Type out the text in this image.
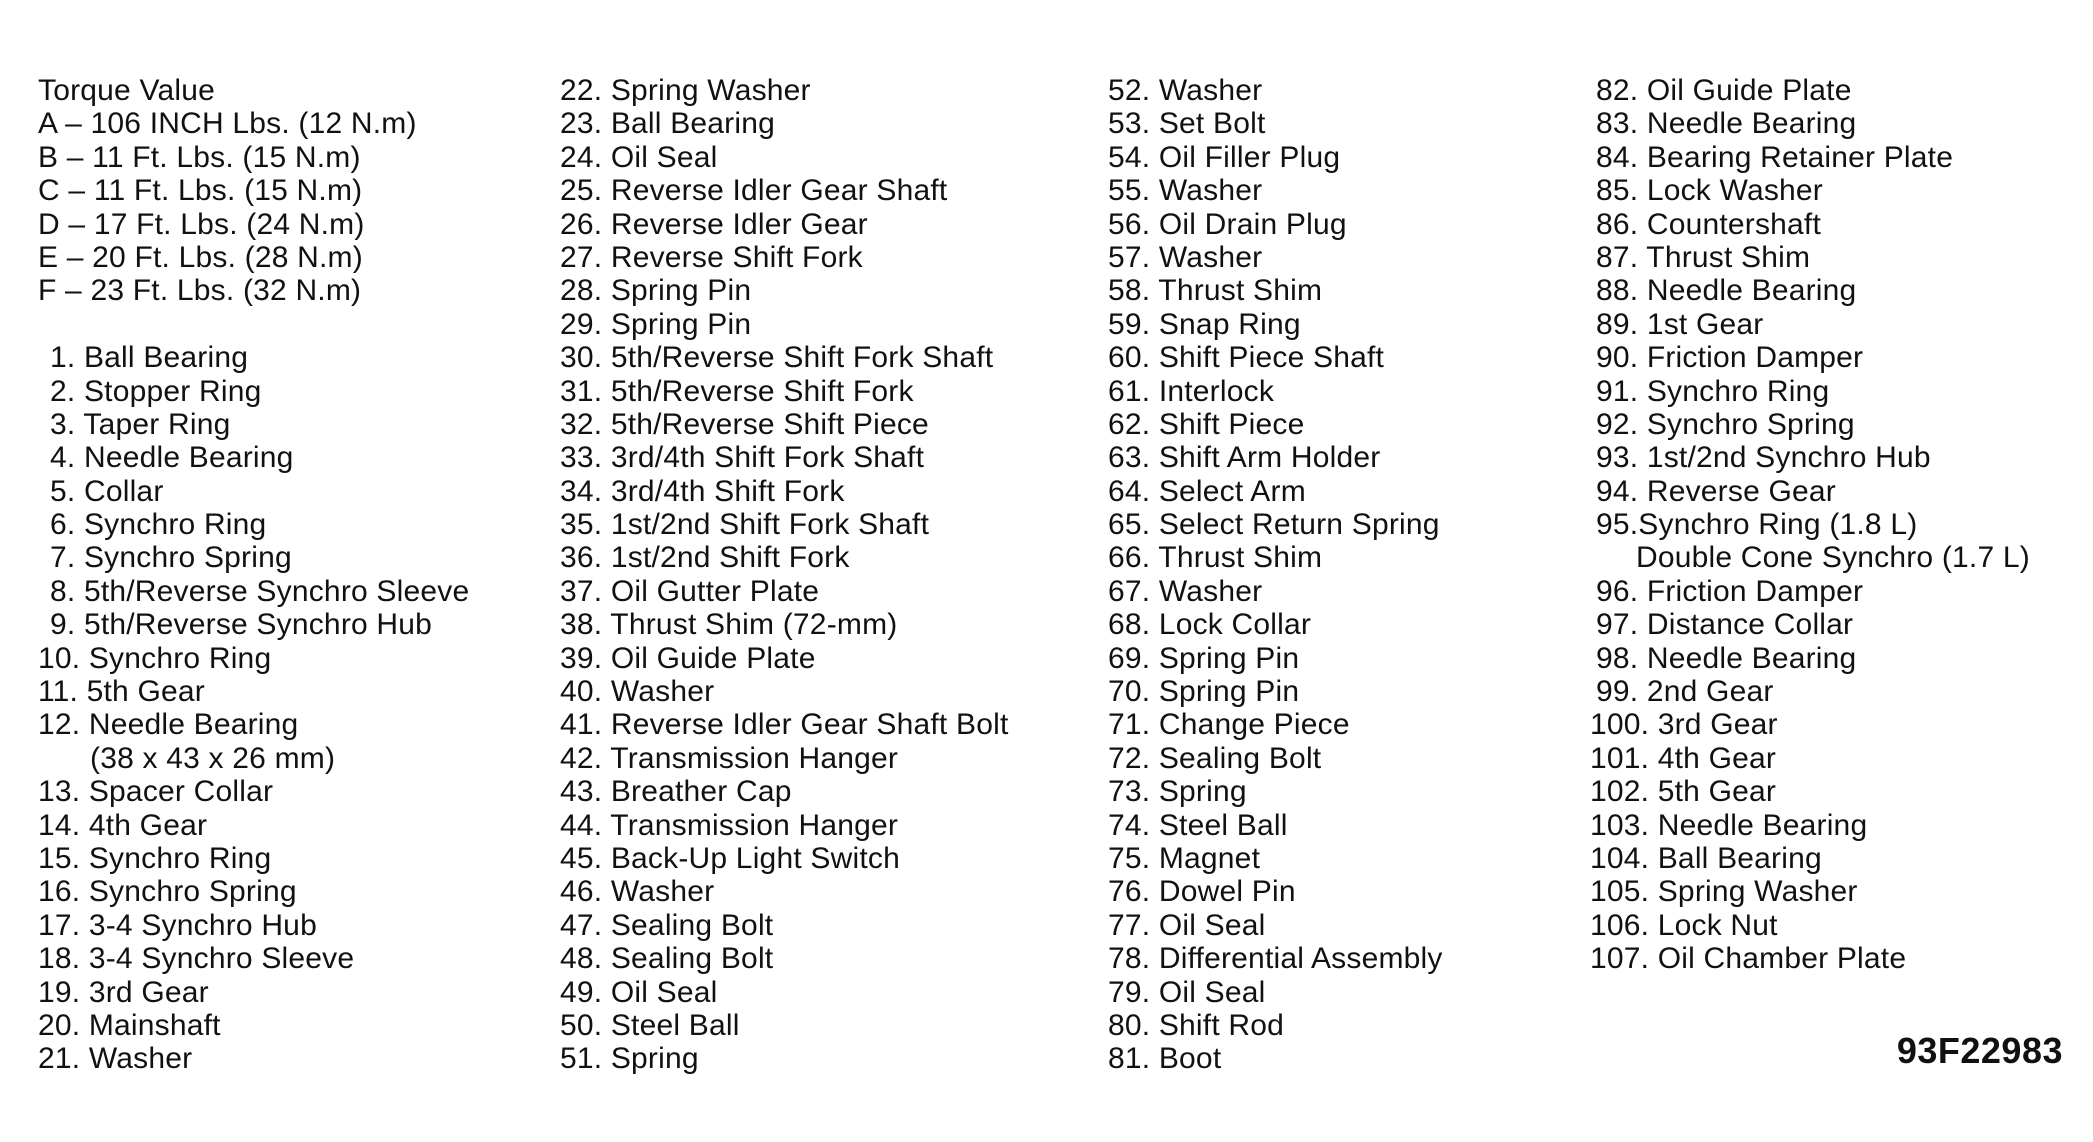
Torque Value
A – 106 INCH Lbs. (12 N.m)
B – 11 Ft. Lbs. (15 N.m)
C – 11 Ft. Lbs. (15 N.m)
D – 17 Ft. Lbs. (24 N.m)
E – 20 Ft. Lbs. (28 N.m)
F – 23 Ft. Lbs. (32 N.m)
1. Ball Bearing
2. Stopper Ring
3. Taper Ring
4. Needle Bearing
5. Collar
6. Synchro Ring
7. Synchro Spring
8. 5th/Reverse Synchro Sleeve
9. 5th/Reverse Synchro Hub
10. Synchro Ring
11. 5th Gear
12. Needle Bearing
(38 x 43 x 26 mm)
13. Spacer Collar
14. 4th Gear
15. Synchro Ring
16. Synchro Spring
17. 3-4 Synchro Hub
18. 3-4 Synchro Sleeve
19. 3rd Gear
20. Mainshaft
21. Washer
22. Spring Washer
23. Ball Bearing
24. Oil Seal
25. Reverse Idler Gear Shaft
26. Reverse Idler Gear
27. Reverse Shift Fork
28. Spring Pin
29. Spring Pin
30. 5th/Reverse Shift Fork Shaft
31. 5th/Reverse Shift Fork
32. 5th/Reverse Shift Piece
33. 3rd/4th Shift Fork Shaft
34. 3rd/4th Shift Fork
35. 1st/2nd Shift Fork Shaft
36. 1st/2nd Shift Fork
37. Oil Gutter Plate
38. Thrust Shim (72-mm)
39. Oil Guide Plate
40. Washer
41. Reverse Idler Gear Shaft Bolt
42. Transmission Hanger
43. Breather Cap
44. Transmission Hanger
45. Back-Up Light Switch
46. Washer
47. Sealing Bolt
48. Sealing Bolt
49. Oil Seal
50. Steel Ball
51. Spring
52. Washer
53. Set Bolt
54. Oil Filler Plug
55. Washer
56. Oil Drain Plug
57. Washer
58. Thrust Shim
59. Snap Ring
60. Shift Piece Shaft
61. Interlock
62. Shift Piece
63. Shift Arm Holder
64. Select Arm
65. Select Return Spring
66. Thrust Shim
67. Washer
68. Lock Collar
69. Spring Pin
70. Spring Pin
71. Change Piece
72. Sealing Bolt
73. Spring
74. Steel Ball
75. Magnet
76. Dowel Pin
77. Oil Seal
78. Differential Assembly
79. Oil Seal
80. Shift Rod
81. Boot
82. Oil Guide Plate
83. Needle Bearing
84. Bearing Retainer Plate
85. Lock Washer
86. Countershaft
87. Thrust Shim
88. Needle Bearing
89. 1st Gear
90. Friction Damper
91. Synchro Ring
92. Synchro Spring
93. 1st/2nd Synchro Hub
94. Reverse Gear
95.Synchro Ring (1.8 L)
Double Cone Synchro (1.7 L)
96. Friction Damper
97. Distance Collar
98. Needle Bearing
99. 2nd Gear
100. 3rd Gear
101. 4th Gear
102. 5th Gear
103. Needle Bearing
104. Ball Bearing
105. Spring Washer
106. Lock Nut
107. Oil Chamber Plate
93F22983
